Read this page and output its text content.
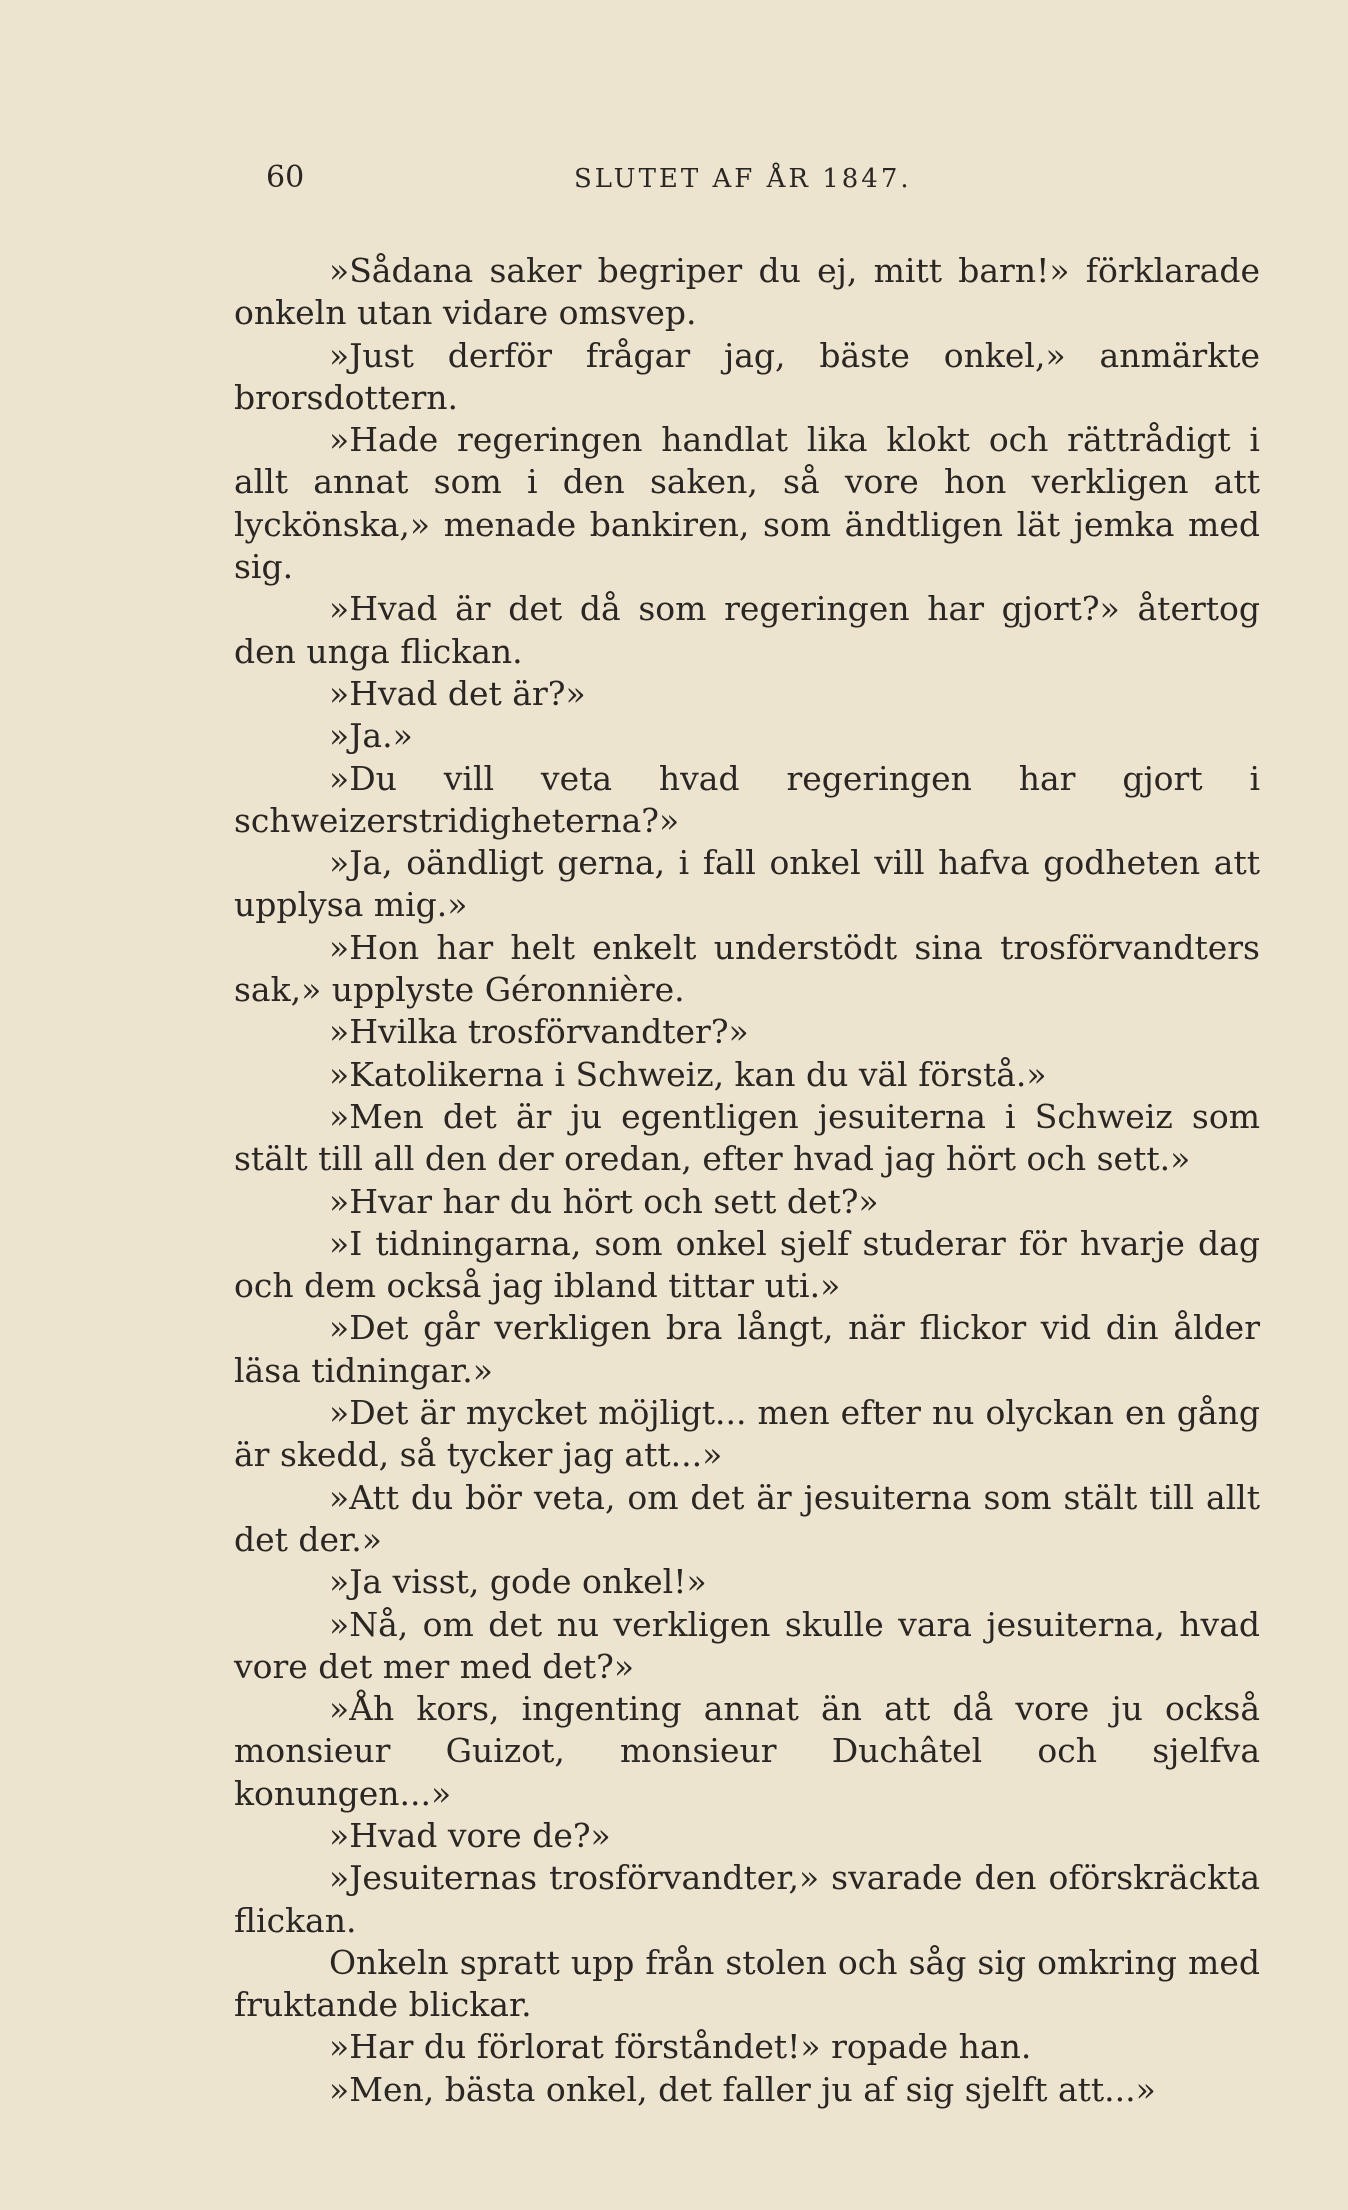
60	SLUTET AF ÅR 1847.

»Sådana saker begriper du ej, mitt barn!» förklarade onkeln utan vidare omsvep.

»Just derför frågar jag, bäste onkel,» anmärkte brorsdottern.

»Hade regeringen handlat lika klokt och rättrådigt i allt annat som i den saken, så vore hon verkligen att lyckönska,» menade bankiren, som ändtligen lät jemka med sig.

»Hvad är det då som regeringen har gjort?» återtog den unga flickan.

»Hvad det är?»

»Ja.»

»Du vill veta hvad regeringen har gjort i schweizerstridigheterna?»

»Ja, oändligt gerna, i fall onkel vill hafva godheten att upplysa mig.»

»Hon har helt enkelt understödt sina trosförvandters sak,» upplyste Géronnière.

»Hvilka trosförvandter?»

»Katolikerna i Schweiz, kan du väl förstå.»

»Men det är ju egentligen jesuiterna i Schweiz som stält till all den der oredan, efter hvad jag hört och sett.»

»Hvar har du hört och sett det?»

»I tidningarna, som onkel sjelf studerar för hvarje dag och dem också jag ibland tittar uti.»

»Det går verkligen bra långt, när flickor vid din ålder läsa tidningar.»

»Det är mycket möjligt... men efter nu olyckan en gång är skedd, så tycker jag att...»

»Att du bör veta, om det är jesuiterna som stält till allt det der.»

»Ja visst, gode onkel!»

»Nå, om det nu verkligen skulle vara jesuiterna, hvad vore det mer med det?»

»Åh kors, ingenting annat än att då vore ju också monsieur Guizot, monsieur Duchâtel och sjelfva konungen...»

»Hvad vore de?»

»Jesuiternas trosförvandter,» svarade den oförskräckta flickan.

Onkeln spratt upp från stolen och såg sig omkring med fruktande blickar.

»Har du förlorat förståndet!» ropade han.

»Men, bästa onkel, det faller ju af sig sjelft att...»
